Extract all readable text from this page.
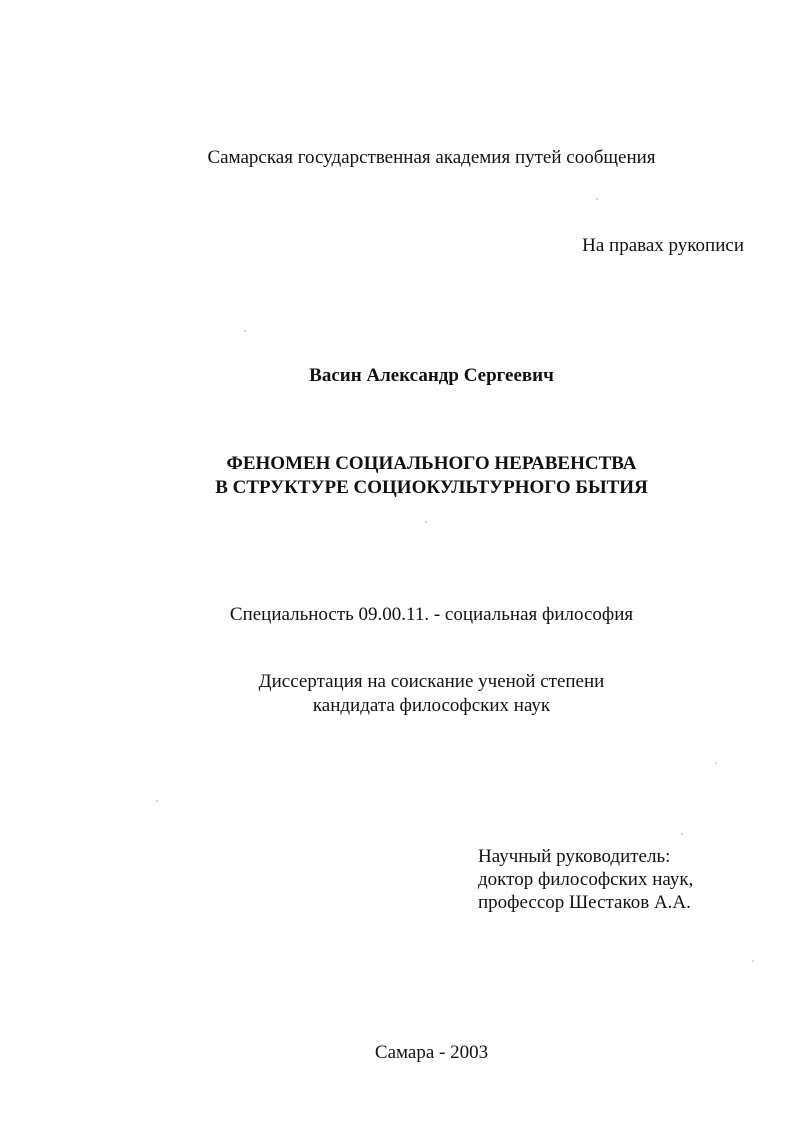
Самарская государственная академия путей сообщения
На правах рукописи
Васин Александр Сергеевич
ФЕНОМЕН СОЦИАЛЬНОГО НЕРАВЕНСТВА
В СТРУКТУРЕ СОЦИОКУЛЬТУРНОГО БЫТИЯ
Специальность 09.00.11. - социальная философия
Диссертация на соискание ученой степени
кандидата философских наук
Научный руководитель:
доктор философских наук,
профессор Шестаков А.А.
Самара - 2003
